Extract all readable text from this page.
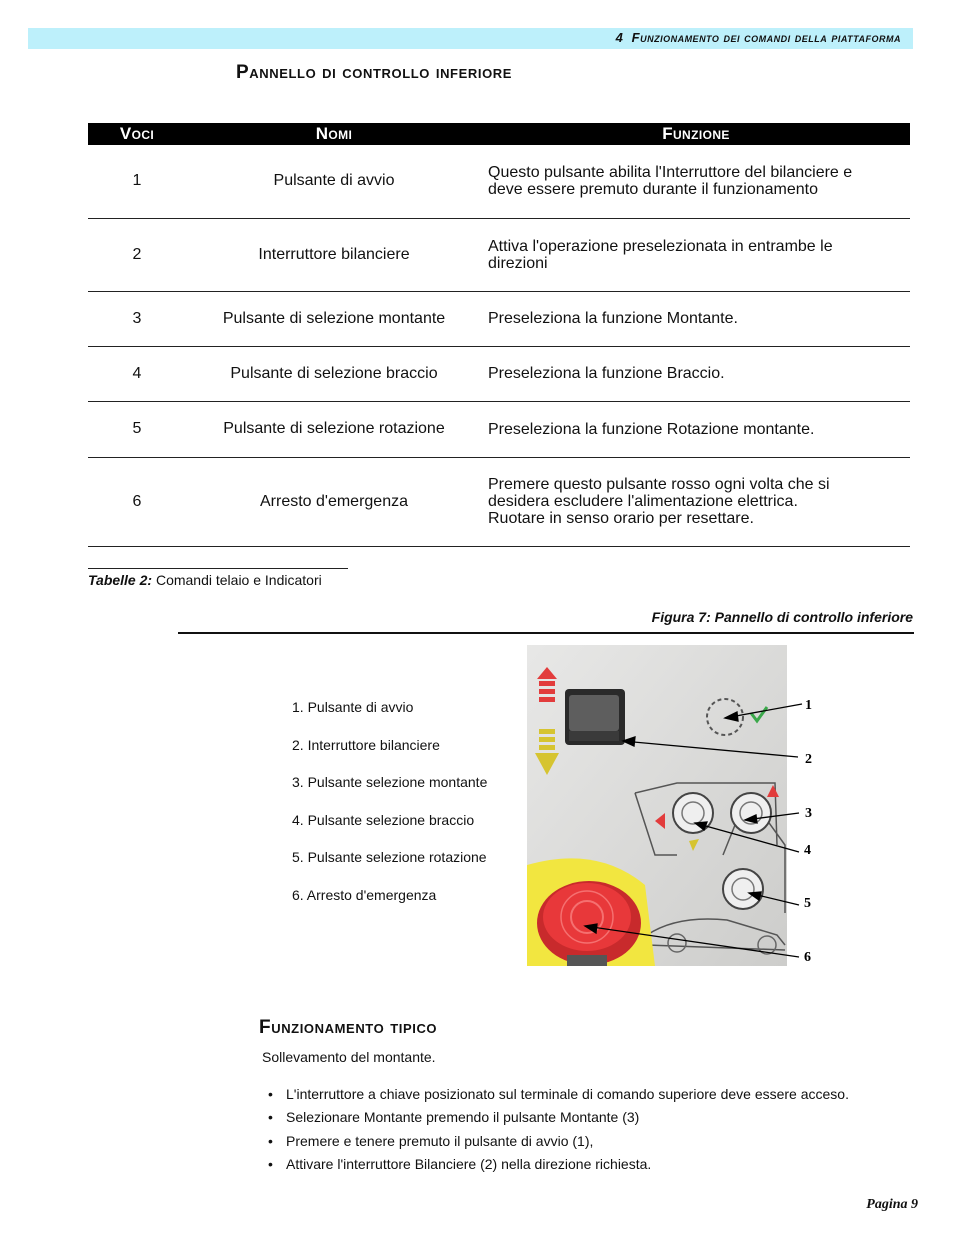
4 Funzionamento dei comandi della piattaforma
Pannello di controllo inferiore
Voci	Nomi	Funzione
1	Pulsante di avvio	Questo pulsante abilita l'Interruttore del bilanciere e
deve essere premuto durante il funzionamento

2	Interruttore bilanciere	Attiva l'operazione preselezionata in entrambe le
direzioni

3	Pulsante di selezione montante	Preseleziona la funzione Montante.

4	Pulsante di selezione braccio	Preseleziona la funzione Braccio.

5	Pulsante di selezione rotazione	Preseleziona la funzione Rotazione montante.

6	Arresto d'emergenza	Premere questo pulsante rosso ogni volta che si
desidera escludere l'alimentazione elettrica.
Ruotare in senso orario per resettare.
Tabelle 2: Comandi telaio e Indicatori
Figura 7: Pannello di controllo inferiore
1. Pulsante di avvio
2. Interruttore bilanciere
3. Pulsante selezione montante
4. Pulsante selezione braccio
5. Pulsante selezione rotazione
6. Arresto d'emergenza
1
2
3
4
5
6
Funzionamento tipico
Sollevamento del montante.
• L'interruttore a chiave posizionato sul terminale di comando superiore deve essere acceso.
• Selezionare Montante premendo il pulsante Montante (3)
• Premere e tenere premuto il pulsante di avvio (1),
• Attivare l'interruttore Bilanciere (2) nella direzione richiesta.
Pagina 9
